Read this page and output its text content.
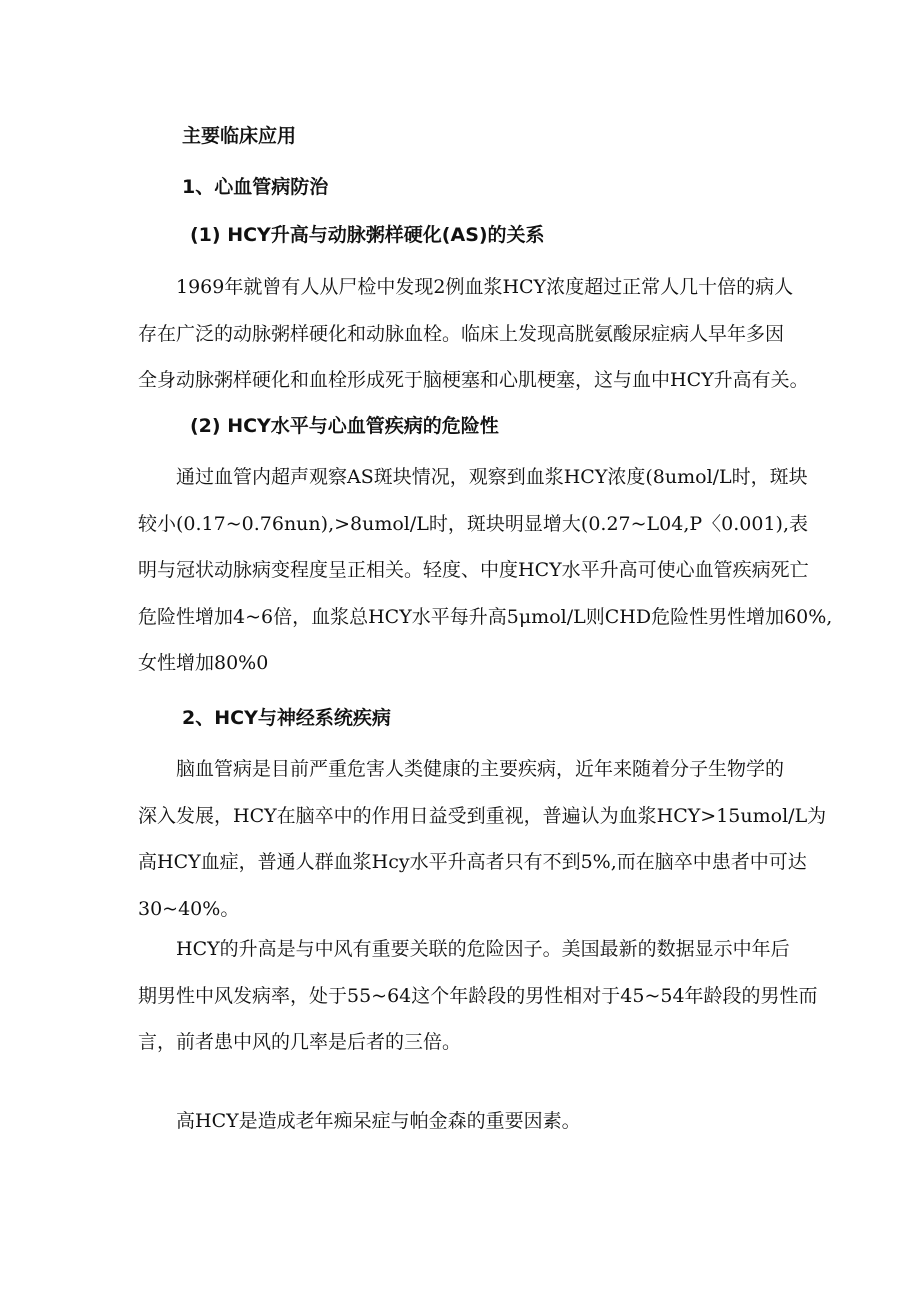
主要临床应用
1、心血管病防治
(1) HCY升高与动脉粥样硬化(AS)的关系
1969年就曾有人从尸检中发现2例血浆HCY浓度超过正常人几十倍的病人
存在广泛的动脉粥样硬化和动脉血栓。临床上发现高胱氨酸尿症病人早年多因
全身动脉粥样硬化和血栓形成死于脑梗塞和心肌梗塞，这与血中HCY升高有关。
(2) HCY水平与心血管疾病的危险性
通过血管内超声观察AS斑块情况，观察到血浆HCY浓度(8umol/L时，斑块
较小(0.17~0.76nun),>8umol/L时，斑块明显增大(0.27~L04,P〈0.001),表
明与冠状动脉病变程度呈正相关。轻度、中度HCY水平升高可使心血管疾病死亡
危险性增加4~6倍，血浆总HCY水平每升高5μmol/L则CHD危险性男性增加60%,
女性增加80%0
2、HCY与神经系统疾病
脑血管病是目前严重危害人类健康的主要疾病，近年来随着分子生物学的
深入发展，HCY在脑卒中的作用日益受到重视，普遍认为血浆HCY>15umol/L为
高HCY血症，普通人群血浆Hcy水平升高者只有不到5%,而在脑卒中患者中可达
30~40%。
HCY的升高是与中风有重要关联的危险因子。美国最新的数据显示中年后
期男性中风发病率，处于55~64这个年龄段的男性相对于45~54年龄段的男性而
言，前者患中风的几率是后者的三倍。
高HCY是造成老年痴呆症与帕金森的重要因素。
